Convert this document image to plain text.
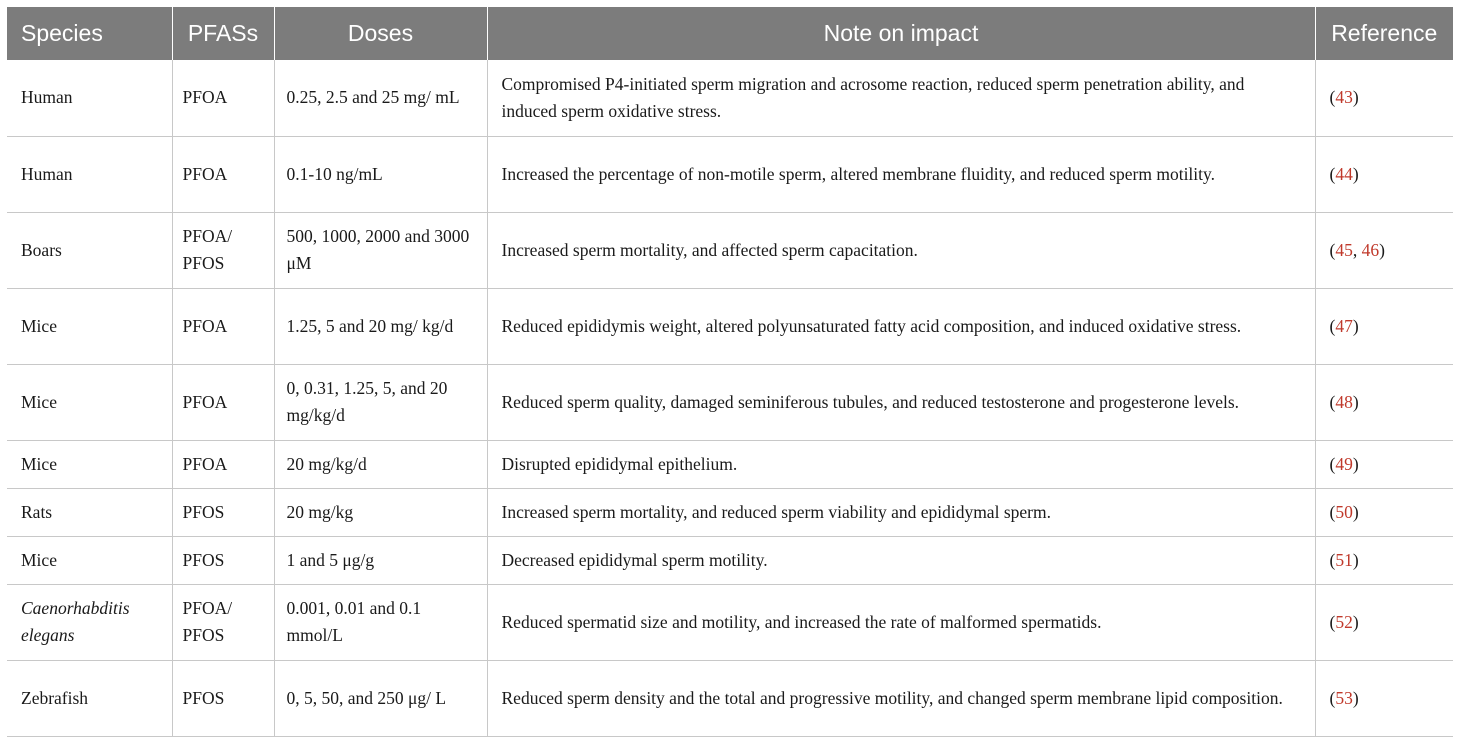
Species	PFASs	Doses	Note on impact	Reference
Human	PFOA	0.25, 2.5 and 25 mg/ mL	Compromised P4-initiated sperm migration and acrosome reaction, reduced sperm penetration ability, and induced sperm oxidative stress.	(43)
Human	PFOA	0.1-10 ng/mL	Increased the percentage of non-motile sperm, altered membrane fluidity, and reduced sperm motility.	(44)
Boars	PFOA/ PFOS	500, 1000, 2000 and 3000 μM	Increased sperm mortality, and affected sperm capacitation.	(45, 46)
Mice	PFOA	1.25, 5 and 20 mg/ kg/d	Reduced epididymis weight, altered polyunsaturated fatty acid composition, and induced oxidative stress.	(47)
Mice	PFOA	0, 0.31, 1.25, 5, and 20 mg/kg/d	Reduced sperm quality, damaged seminiferous tubules, and reduced testosterone and progesterone levels.	(48)
Mice	PFOA	20 mg/kg/d	Disrupted epididymal epithelium.	(49)
Rats	PFOS	20 mg/kg	Increased sperm mortality, and reduced sperm viability and epididymal sperm.	(50)
Mice	PFOS	1 and 5 μg/g	Decreased epididymal sperm motility.	(51)
Caenorhabditis elegans	PFOA/ PFOS	0.001, 0.01 and 0.1 mmol/L	Reduced spermatid size and motility, and increased the rate of malformed spermatids.	(52)
Zebrafish	PFOS	0, 5, 50, and 250 μg/ L	Reduced sperm density and the total and progressive motility, and changed sperm membrane lipid composition.	(53)
